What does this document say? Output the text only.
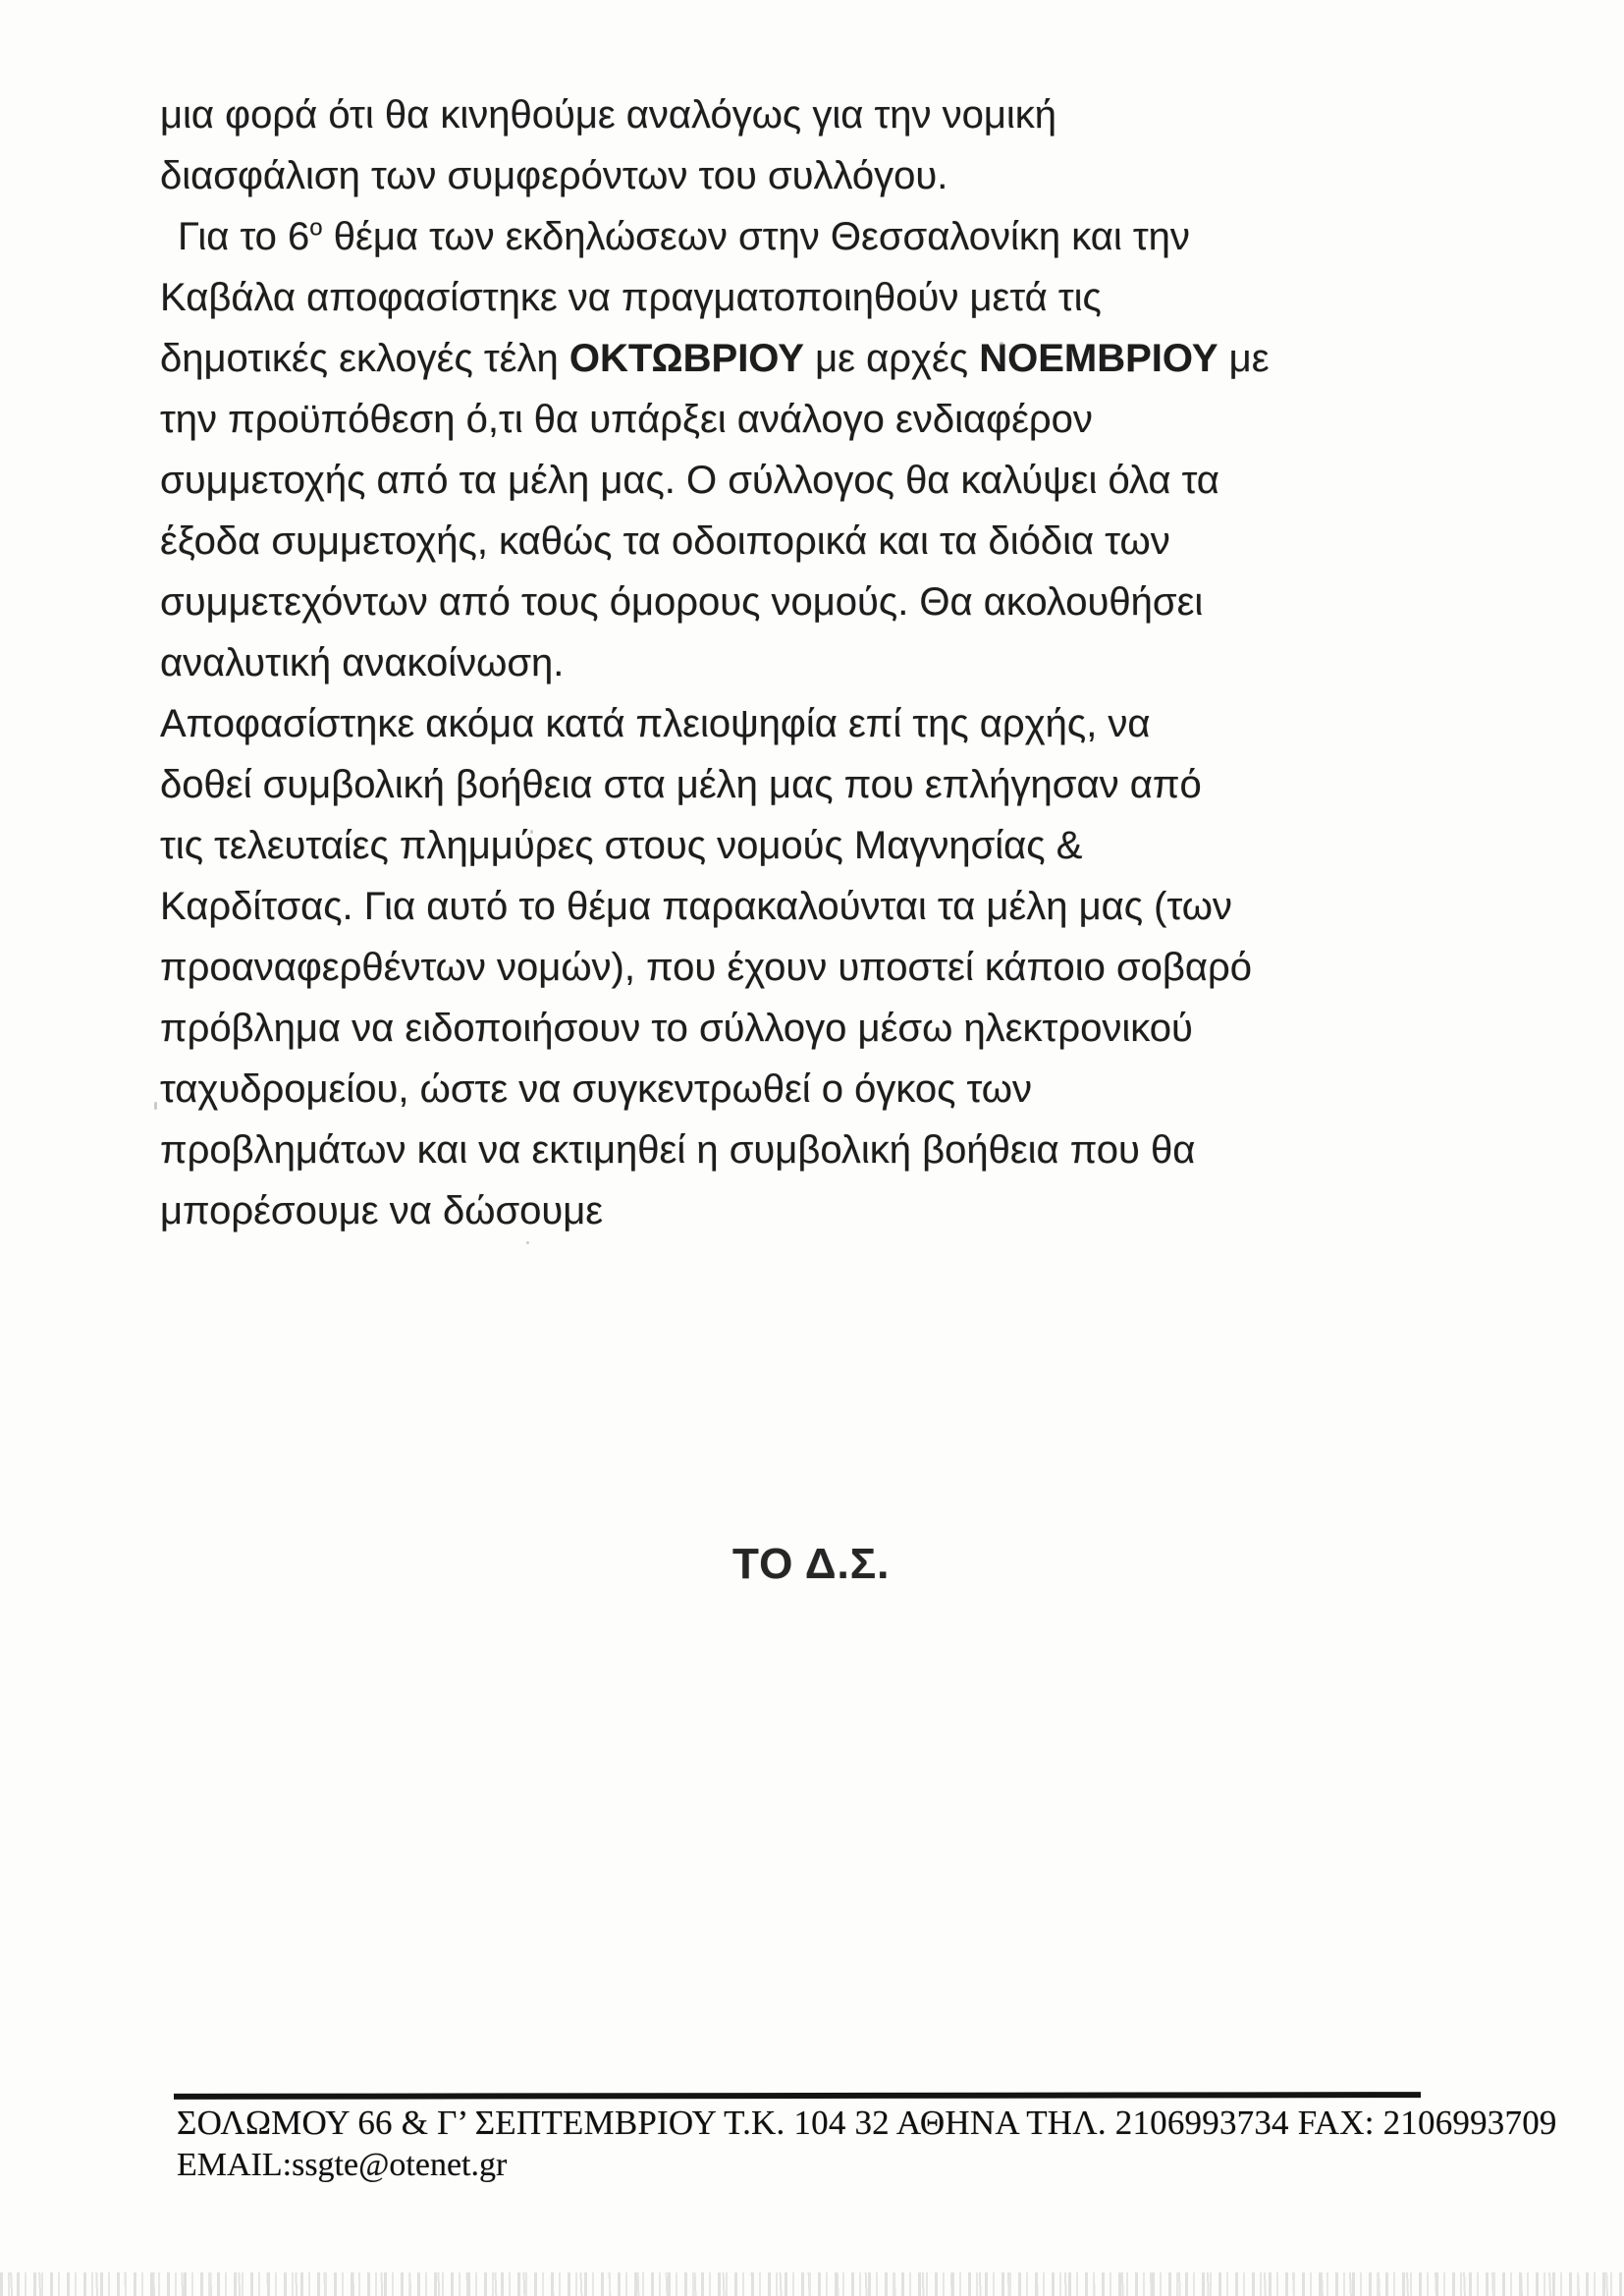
μια φορά ότι θα κινηθούμε αναλόγως για την νομική
διασφάλιση των συμφερόντων του συλλόγου.
Για το $6^o$ θέμα των εκδηλώσεων στην Θεσσαλονίκη και την
Καβάλα αποφασίστηκε να πραγματοποιηθούν μετά τις
δημοτικές εκλογές τέλη ΟΚΤΩΒΡΙΟΥ με αρχές ΝΟΕΜΒΡΙΟΥ με
την προϋπόθεση ό,τι θα υπάρξει ανάλογο ενδιαφέρον
συμμετοχής από τα μέλη μας. Ο σύλλογος θα καλύψει όλα τα
έξοδα συμμετοχής, καθώς τα οδοιπορικά και τα διόδια των
συμμετεχόντων από τους όμορους νομούς. Θα ακολουθήσει
αναλυτική ανακοίνωση.
Αποφασίστηκε ακόμα κατά πλειοψηφία επί της αρχής, να
δοθεί συμβολική βοήθεια στα μέλη μας που επλήγησαν από
τις τελευταίες πλημμύρες στους νομούς Μαγνησίας &
Καρδίτσας. Για αυτό το θέμα παρακαλούνται τα μέλη μας (των
προαναφερθέντων νομών), που έχουν υποστεί κάποιο σοβαρό
πρόβλημα να ειδοποιήσουν το σύλλογο μέσω ηλεκτρονικού
ταχυδρομείου, ώστε να συγκεντρωθεί ο όγκος των
προβλημάτων και να εκτιμηθεί η συμβολική βοήθεια που θα
μπορέσουμε να δώσουμε
ΤΟ Δ.Σ.
ΣΟΛΩΜΟΥ 66 & Γ’ ΣΕΠΤΕΜΒΡΙΟΥ Τ.Κ. 104 32 ΑΘΗΝΑ ΤΗΛ. 2106993734 FAX: 2106993709
EMAIL:ssgte@otenet.gr
